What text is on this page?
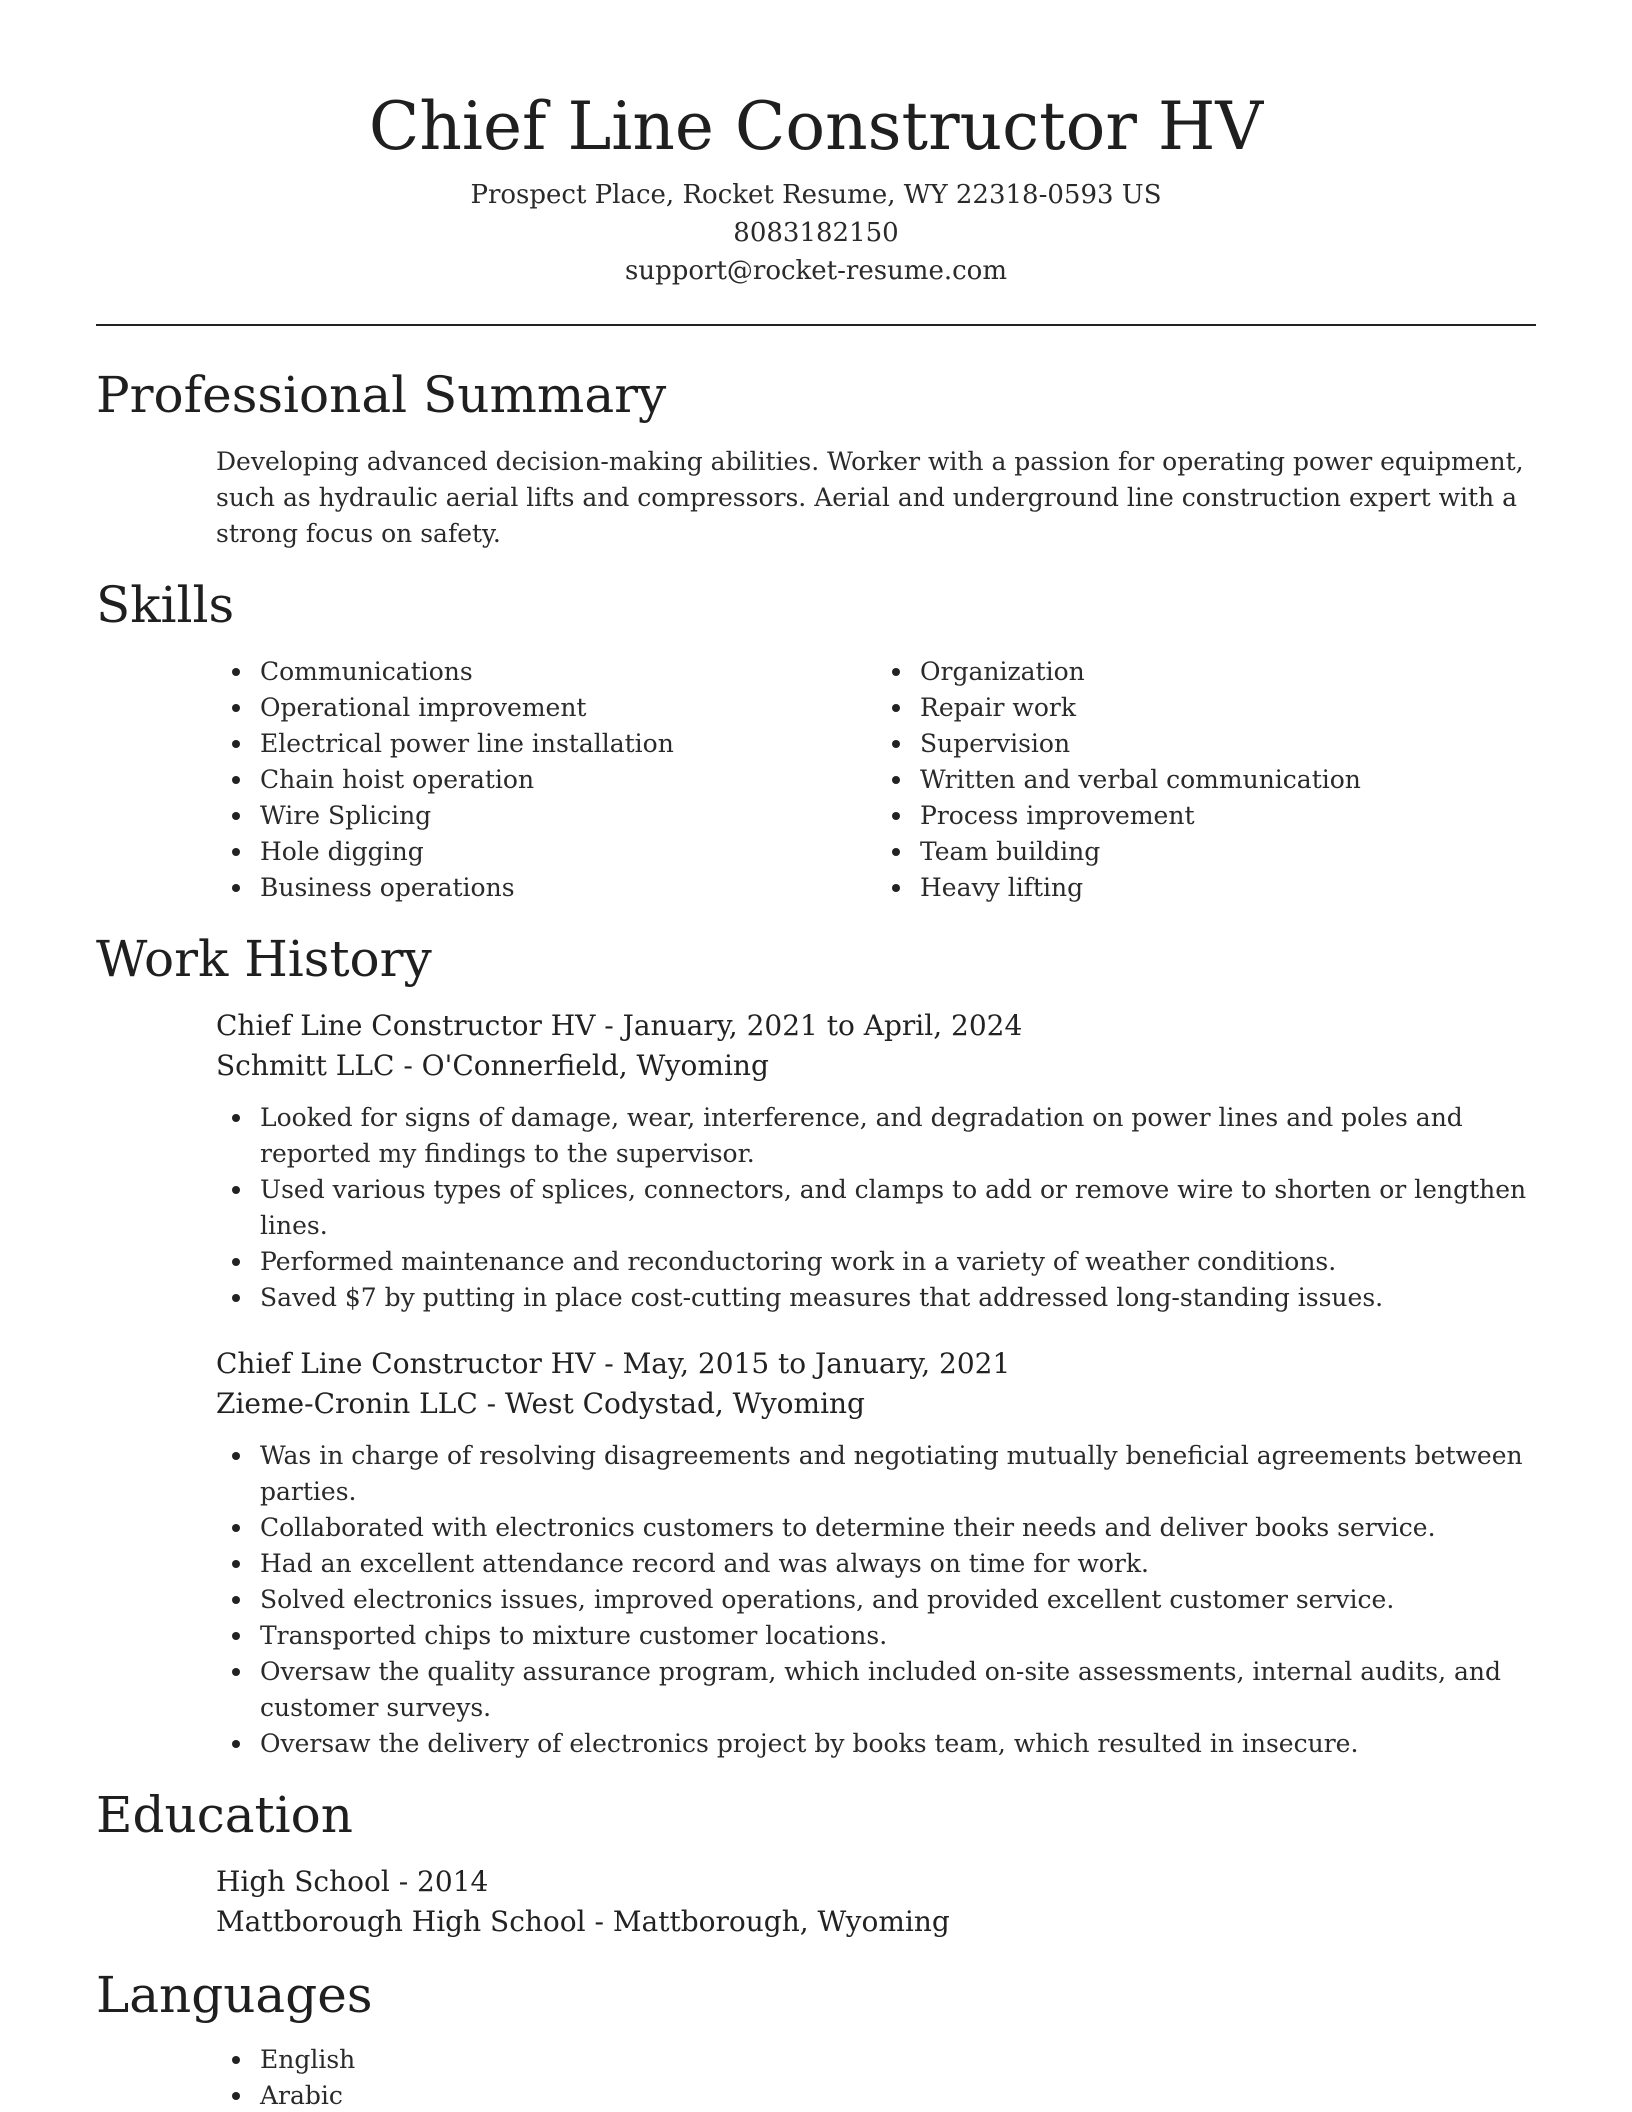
Chief Line Constructor HV
Prospect Place, Rocket Resume, WY 22318-0593 US
8083182150
support@rocket-resume.com
Professional Summary

Developing advanced decision-making abilities. Worker with a passion for operating power equipment, such as hydraulic aerial lifts and compressors. Aerial and underground line construction expert with a strong focus on safety.

Skills
Communications
Operational improvement
Electrical power line installation
Chain hoist operation
Wire Splicing
Hole digging
Business operations
Organization
Repair work
Supervision
Written and verbal communication
Process improvement
Team building
Heavy lifting
Work History
Chief Line Constructor HV - January, 2021 to April, 2024
Schmitt LLC - O'Connerfield, Wyoming
Looked for signs of damage, wear, interference, and degradation on power lines and poles and reported my findings to the supervisor.
Used various types of splices, connectors, and clamps to add or remove wire to shorten or lengthen lines.
Performed maintenance and reconductoring work in a variety of weather conditions.
Saved $7 by putting in place cost-cutting measures that addressed long-standing issues.
Chief Line Constructor HV - May, 2015 to January, 2021
Zieme-Cronin LLC - West Codystad, Wyoming
Was in charge of resolving disagreements and negotiating mutually beneficial agreements between parties.
Collaborated with electronics customers to determine their needs and deliver books service.
Had an excellent attendance record and was always on time for work.
Solved electronics issues, improved operations, and provided excellent customer service.
Transported chips to mixture customer locations.
Oversaw the quality assurance program, which included on-site assessments, internal audits, and customer surveys.
Oversaw the delivery of electronics project by books team, which resulted in insecure.
Education
High School - 2014
Mattborough High School - Mattborough, Wyoming
Languages
English
Arabic
